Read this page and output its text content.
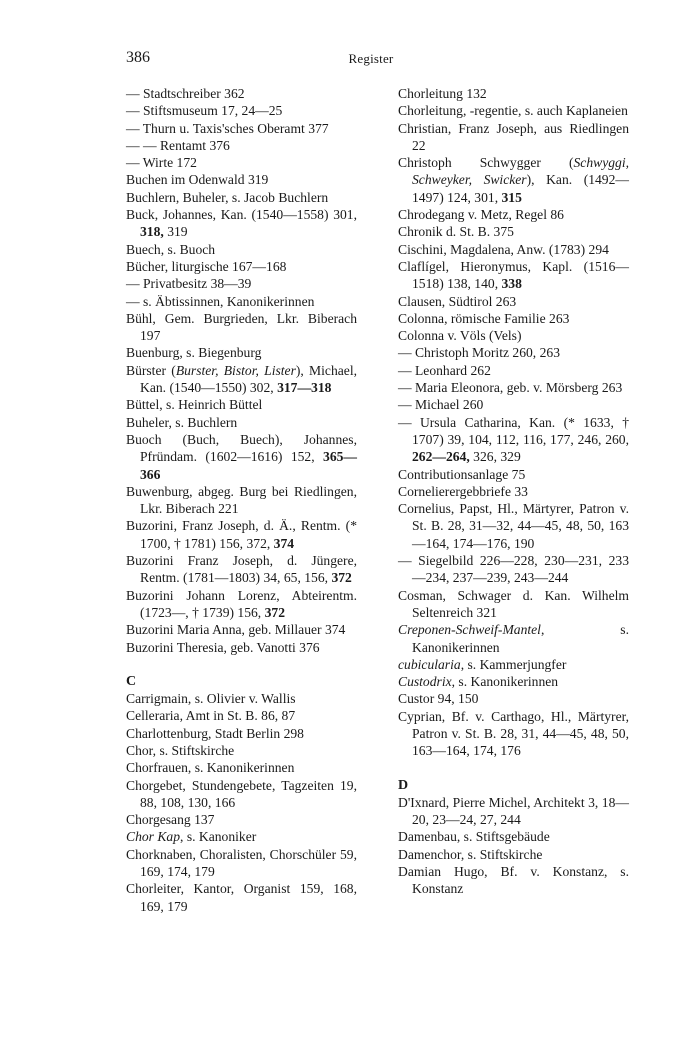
386	Register

— Stadtschreiber 362

— Stiftsmuseum 17, 24—25

— Thurn u. Taxis'sches Oberamt 377

— — Rentamt 376

— Wirte 172

Buchen im Odenwald 319

Buchlern, Buheler, s. Jacob Buchlern

Buck, Johannes, Kan. (1540—1558) 301, 318, 319

Buech, s. Buoch

Bücher, liturgische 167—168

— Privatbesitz 38—39

— s. Äbtissinnen, Kanonikerinnen

Bühl, Gem. Burgrieden, Lkr. Biberach 197

Buenburg, s. Biegenburg

Bürster (Burster, Bistor, Lister), Michael, Kan. (1540—1550) 302, 317—318

Büttel, s. Heinrich Büttel

Buheler, s. Buchlern

Buoch (Buch, Buech), Johannes, Pfründam. (1602—1616) 152, 365—366

Buwenburg, abgeg. Burg bei Riedlingen, Lkr. Biberach 221

Buzorini, Franz Joseph, d. Ä., Rentm. (* 1700, † 1781) 156, 372, 374

Buzorini Franz Joseph, d. Jüngere, Rentm. (1781—1803) 34, 65, 156, 372

Buzorini Johann Lorenz, Abteirentm. (1723—, † 1739) 156, 372

Buzorini Maria Anna, geb. Millauer 374

Buzorini Theresia, geb. Vanotti 376

C

Carrigmain, s. Olivier v. Wallis

Celleraria, Amt in St. B. 86, 87

Charlottenburg, Stadt Berlin 298

Chor, s. Stiftskirche

Chorfrauen, s. Kanonikerinnen

Chorgebet, Stundengebete, Tagzeiten 19, 88, 108, 130, 166

Chorgesang 137

Chor Kap, s. Kanoniker

Chorknaben, Choralisten, Chorschüler 59, 169, 174, 179

Chorleiter, Kantor, Organist 159, 168, 169, 179

Chorleitung 132

Chorleitung, -regentie, s. auch Kaplaneien

Christian, Franz Joseph, aus Riedlingen 22

Christoph Schwygger (Schwyggi, Schweyker, Swicker), Kan. (1492—1497) 124, 301, 315

Chrodegang v. Metz, Regel 86

Chronik d. St. B. 375

Cischini, Magdalena, Anw. (1783) 294

Claflígel, Hieronymus, Kapl. (1516—1518) 138, 140, 338

Clausen, Südtirol 263

Colonna, römische Familie 263

Colonna v. Völs (Vels)

— Christoph Moritz 260, 263

— Leonhard 262

— Maria Eleonora, geb. v. Mörsberg 263

— Michael 260

— Ursula Catharina, Kan. (* 1633, † 1707) 39, 104, 112, 116, 177, 246, 260, 262—264, 326, 329

Contributionsanlage 75

Cornelierergebbriefe 33

Cornelius, Papst, Hl., Märtyrer, Patron v. St. B. 28, 31—32, 44—45, 48, 50, 163—164, 174—176, 190

— Siegelbild 226—228, 230—231, 233—234, 237—239, 243—244

Cosman, Schwager d. Kan. Wilhelm Seltenreich 321

Creponen-Schweif-Mantel, s. Kanonikerinnen

cubicularia, s. Kammerjungfer

Custodrix, s. Kanonikerinnen

Custor 94, 150

Cyprian, Bf. v. Carthago, Hl., Märtyrer, Patron v. St. B. 28, 31, 44—45, 48, 50, 163—164, 174, 176

D

D'Ixnard, Pierre Michel, Architekt 3, 18—20, 23—24, 27, 244

Damenbau, s. Stiftsgebäude

Damenchor, s. Stiftskirche

Damian Hugo, Bf. v. Konstanz, s. Konstanz
